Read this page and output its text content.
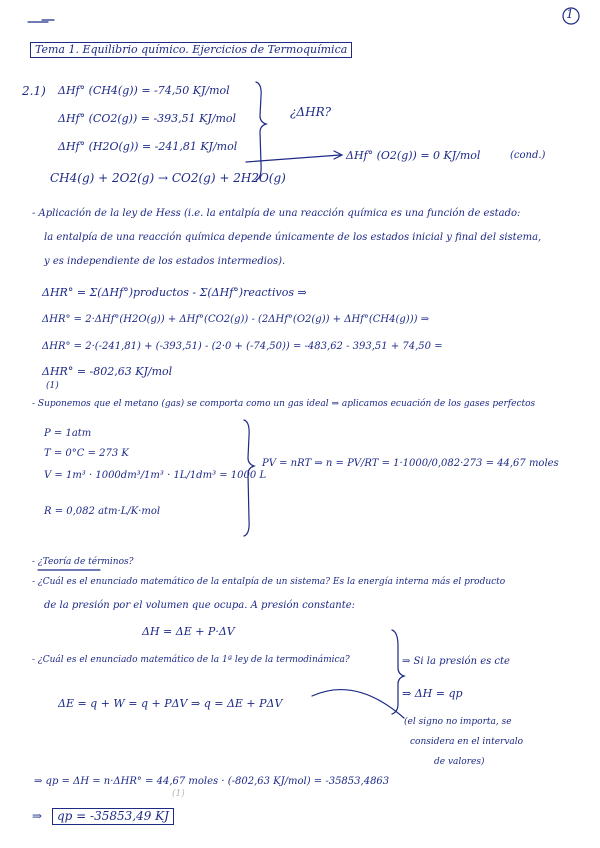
1
Tema 1. Equilibrio químico. Ejercicios de Termoquímica
2.1) ΔHf° (CH4(g)) = -74,50 KJ/mol
ΔHf° (CO2(g)) = -393,51 KJ/mol
ΔHf° (H2O(g)) = -241,81 KJ/mol
¿ΔHR?
ΔHf° (O2(g)) = 0 KJ/mol	(cond.)
CH4(g) + 2O2(g) → CO2(g) + 2H2O(g)
- Aplicación de la ley de Hess (i.e. la entalpía de una reacción química es una función de estado:
la entalpía de una reacción química depende únicamente de los estados inicial y final del sistema,
y es independiente de los estados intermedios).
ΔHR° = Σ(ΔHf°)productos - Σ(ΔHf°)reactivos ⇒
ΔHR° = 2·ΔHf°(H2O(g)) + ΔHf°(CO2(g)) - (2ΔHf°(O2(g)) + ΔHf°(CH4(g))) ⇒
ΔHR° = 2·(-241,81) + (-393,51) - (2·0 + (-74,50)) = -483,62 - 393,51 + 74,50 =
ΔHR° = -802,63 KJ/mol
(1)
- Suponemos que el metano (gas) se comporta como un gas ideal ⇒ aplicamos ecuación de los gases perfectos
P = 1atm
T = 0°C = 273 K
V = 1m³ · 1000dm³/1m³ · 1L/1dm³ = 1000 L
R = 0,082 atm·L/K·mol
PV = nRT ⇒ n = PV/RT = 1·1000/0,082·273 = 44,67 moles
- ¿Teoría de términos?
- ¿Cuál es el enunciado matemático de la entalpía de un sistema? Es la energía interna más el producto
de la presión por el volumen que ocupa. A presión constante:
ΔH = ΔE + P·ΔV
- ¿Cuál es el enunciado matemático de la 1ª ley de la termodinámica?
ΔE = q + W = q + PΔV ⇒ q = ΔE + PΔV
⇒ Si la presión es cte
⇒ ΔH = qp
(el signo no importa, se
considera en el intervalo
de valores)
⇒ qp = ΔH = n·ΔHR° = 44,67 moles · (-802,63 KJ/mol) = -35853,4863
(1)
qp = -35853,49 KJ
⇒
